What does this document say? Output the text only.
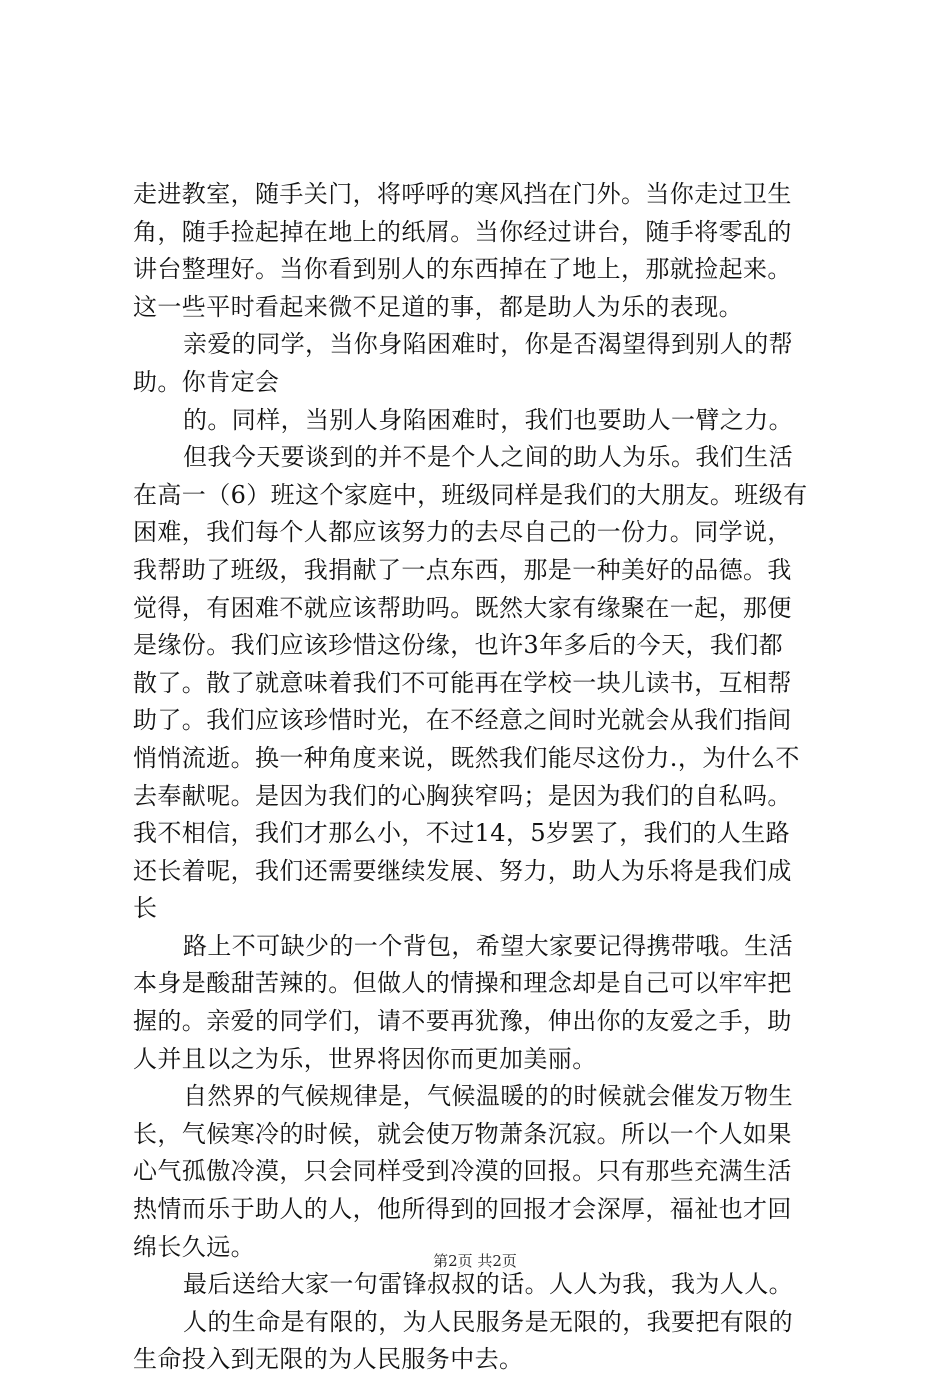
走进教室，随手关门，将呼呼的寒风挡在门外。当你走过卫生
角，随手捡起掉在地上的纸屑。当你经过讲台，随手将零乱的
讲台整理好。当你看到别人的东西掉在了地上，那就捡起来。
这一些平时看起来微不足道的事，都是助人为乐的表现。
亲爱的同学，当你身陷困难时，你是否渴望得到别人的帮
助。你肯定会
的。同样，当别人身陷困难时，我们也要助人一臂之力。
但我今天要谈到的并不是个人之间的助人为乐。我们生活
在高一（6）班这个家庭中，班级同样是我们的大朋友。班级有
困难，我们每个人都应该努力的去尽自己的一份力。同学说，
我帮助了班级，我捐献了一点东西，那是一种美好的品德。我
觉得，有困难不就应该帮助吗。既然大家有缘聚在一起，那便
是缘份。我们应该珍惜这份缘，也许3年多后的今天，我们都
散了。散了就意味着我们不可能再在学校一块儿读书，互相帮
助了。我们应该珍惜时光，在不经意之间时光就会从我们指间
悄悄流逝。换一种角度来说，既然我们能尽这份力.，为什么不
去奉献呢。是因为我们的心胸狭窄吗；是因为我们的自私吗。
我不相信，我们才那么小，不过14，5岁罢了，我们的人生路
还长着呢，我们还需要继续发展、努力，助人为乐将是我们成
长
路上不可缺少的一个背包，希望大家要记得携带哦。生活
本身是酸甜苦辣的。但做人的情操和理念却是自己可以牢牢把
握的。亲爱的同学们，请不要再犹豫，伸出你的友爱之手，助
人并且以之为乐，世界将因你而更加美丽。
自然界的气候规律是，气候温暖的的时候就会催发万物生
长，气候寒冷的时候，就会使万物萧条沉寂。所以一个人如果
心气孤傲冷漠，只会同样受到冷漠的回报。只有那些充满生活
热情而乐于助人的人，他所得到的回报才会深厚，福祉也才回
绵长久远。
最后送给大家一句雷锋叔叔的话。人人为我，我为人人。
人的生命是有限的，为人民服务是无限的，我要把有限的
生命投入到无限的为人民服务中去。
第2页 共2页
